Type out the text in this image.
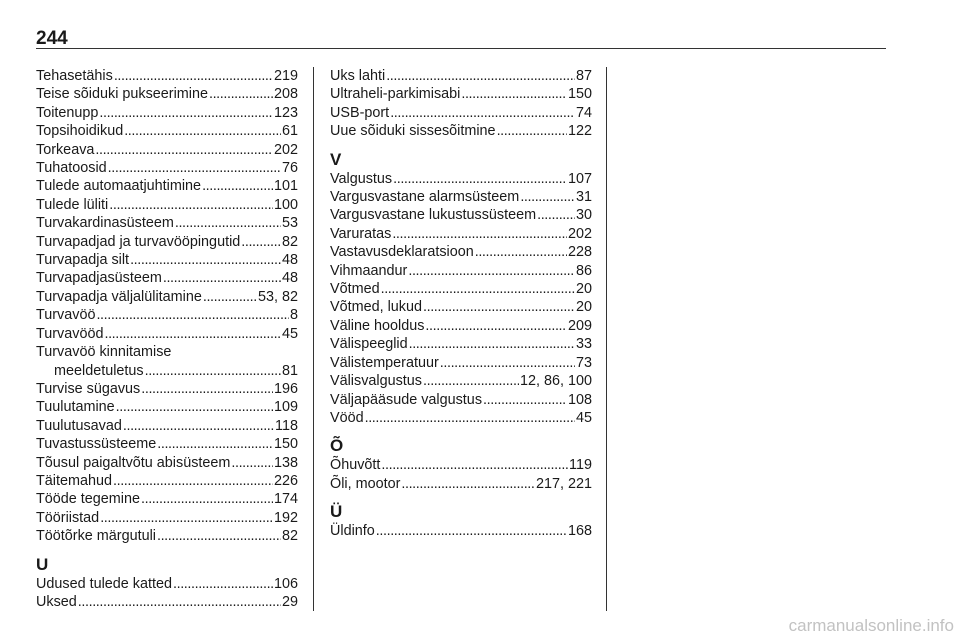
244
Tehasetähis .....	219
Teise sõiduki pukseerimine .....	208
Toitenupp .....	123
Topsihoidikud .....	61
Torkeava .....	202
Tuhatoosid .....	76
Tulede automaatjuhtimine .....	101
Tulede lüliti .....	100
Turvakardinasüsteem .....	53
Turvapadjad ja turvavööpingutid .....	82
Turvapadja silt .....	48
Turvapadjasüsteem .....	48
Turvapadja väljalülitamine .....	53, 82
Turvavöö .....	8
Turvavööd .....	45
Turvavöö kinnitamise
meeldetuletus .....	81
Turvise sügavus .....	196
Tuulutamine .....	109
Tuulutusavad .....	118
Tuvastussüsteeme .....	150
Tõusul paigaltvõtu abisüsteem .....	138
Täitemahud .....	226
Tööde tegemine .....	174
Tööriistad .....	192
Töötõrke märgutuli .....	82
U
Udused tulede katted .....	106
Uksed .....	29
Uks lahti .....	87
Ultraheli-parkimisabi .....	150
USB-port .....	74
Uue sõiduki sissesõitmine .....	122
V
Valgustus .....	107
Vargusvastane alarmsüsteem .....	31
Vargusvastane lukustussüsteem .....	30
Varuratas .....	202
Vastavusdeklaratsioon .....	228
Vihmaandur .....	86
Võtmed .....	20
Võtmed, lukud .....	20
Väline hooldus .....	209
Välispeeglid .....	33
Välistemperatuur .....	73
Välisvalgustus .....	12, 86, 100
Väljapääsude valgustus .....	108
Vööd .....	45
Õ
Õhuvõtt .....	119
Õli, mootor .....	217, 221
Ü
Üldinfo .....	168
carmanualsonline.info
